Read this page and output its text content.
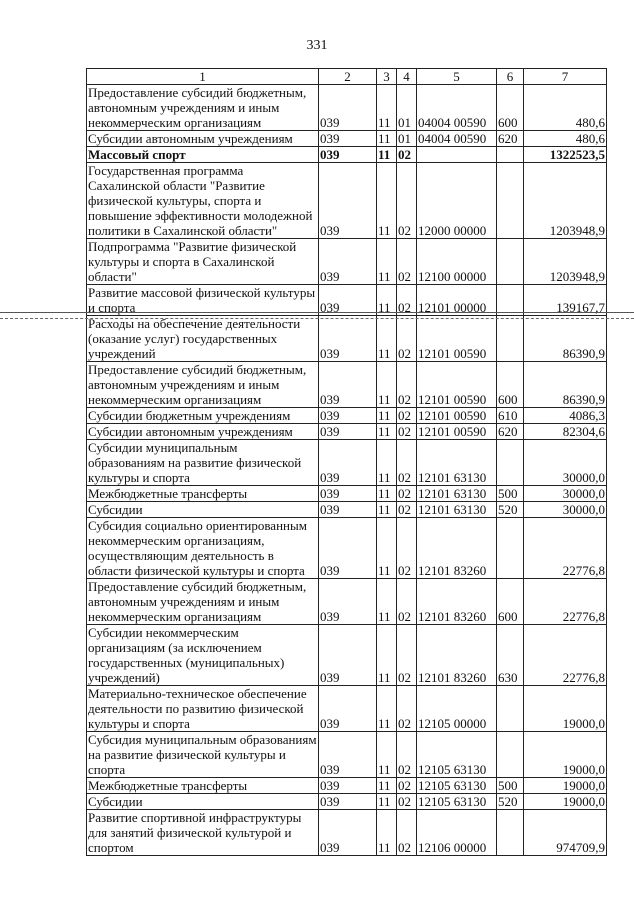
331
1	2	3	4	5	6	7
Предоставление субсидий бюджетным, автономным учреждениям и иным некоммерческим организациям	039	11	01	04004 00590	600	480,6
Субсидии автономным учреждениям	039	11	01	04004 00590	620	480,6
Массовый спорт	039	11	02			1322523,5
Государственная программа Сахалинской области "Развитие физической культуры, спорта и повышение эффективности молодежной политики в Сахалинской области"	039	11	02	12000 00000		1203948,9
Подпрограмма "Развитие физической культуры и спорта в Сахалинской области"	039	11	02	12100 00000		1203948,9
Развитие массовой физической культуры и спорта	039	11	02	12101 00000		139167,7
Расходы на обеспечение деятельности (оказание услуг) государственных учреждений	039	11	02	12101 00590		86390,9
Предоставление субсидий бюджетным, автономным учреждениям и иным некоммерческим организациям	039	11	02	12101 00590	600	86390,9
Субсидии бюджетным учреждениям	039	11	02	12101 00590	610	4086,3
Субсидии автономным учреждениям	039	11	02	12101 00590	620	82304,6
Субсидии муниципальным образованиям на развитие физической культуры и спорта	039	11	02	12101 63130		30000,0
Межбюджетные трансферты	039	11	02	12101 63130	500	30000,0
Субсидии	039	11	02	12101 63130	520	30000,0
Субсидия социально ориентированным некоммерческим организациям, осуществляющим деятельность в области физической культуры и спорта	039	11	02	12101 83260		22776,8
Предоставление субсидий бюджетным, автономным учреждениям и иным некоммерческим организациям	039	11	02	12101 83260	600	22776,8
Субсидии некоммерческим организациям (за исключением государственных (муниципальных) учреждений)	039	11	02	12101 83260	630	22776,8
Материально-техническое обеспечение деятельности по развитию физической культуры и спорта	039	11	02	12105 00000		19000,0
Субсидия муниципальным образованиям на развитие физической культуры и спорта	039	11	02	12105 63130		19000,0
Межбюджетные трансферты	039	11	02	12105 63130	500	19000,0
Субсидии	039	11	02	12105 63130	520	19000,0
Развитие спортивной инфраструктуры для занятий физической культурой и спортом	039	11	02	12106 00000		974709,9
